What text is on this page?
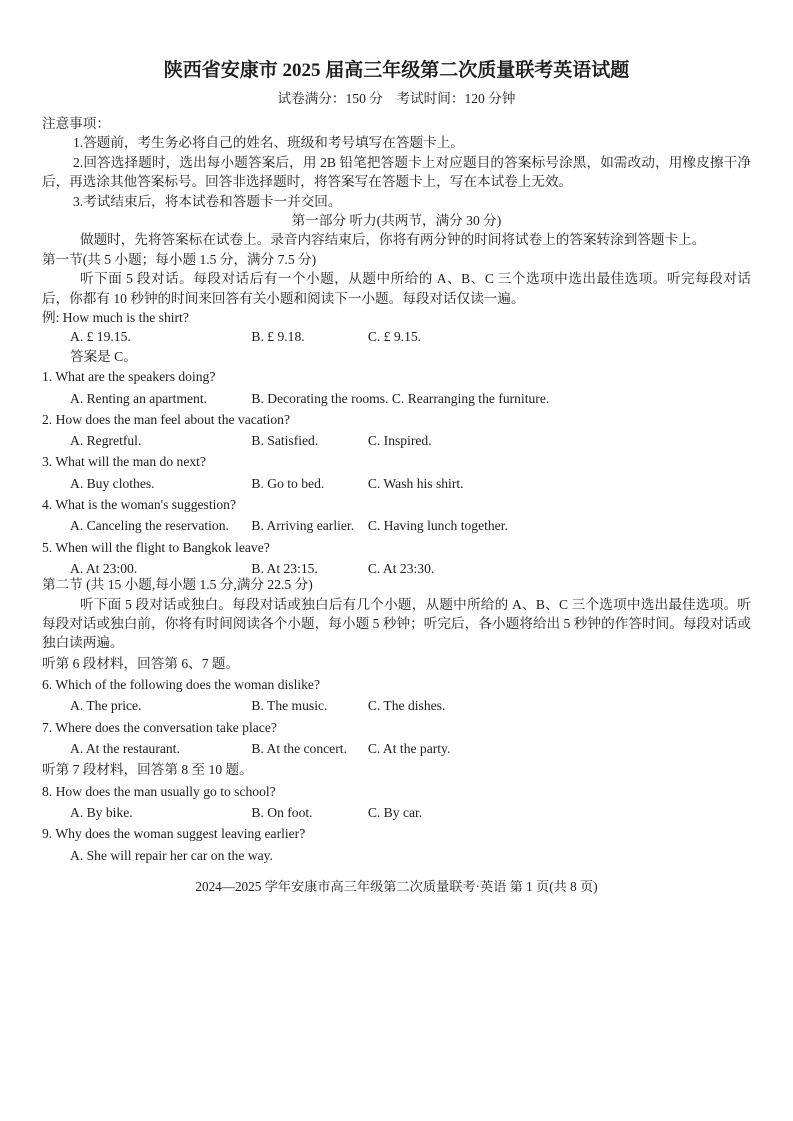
陕西省安康市 2025 届高三年级第二次质量联考英语试题
试卷满分：150 分　考试时间：120 分钟
注意事项：
1.答题前，考生务必将自己的姓名、班级和考号填写在答题卡上。
2.回答选择题时，选出每小题答案后，用 2B 铅笔把答题卡上对应题目的答案标号涂黑，如需改动，用橡皮擦干净后，再选涂其他答案标号。回答非选择题时，将答案写在答题卡上，写在本试卷上无效。
3.考试结束后，将本试卷和答题卡一并交回。
第一部分 听力(共两节，满分 30 分)
做题时，先将答案标在试卷上。录音内容结束后，你将有两分钟的时间将试卷上的答案转涂到答题卡上。
第一节(共 5 小题；每小题 1.5 分，满分 7.5 分)
听下面 5 段对话。每段对话后有一个小题，从题中所给的 A、B、C 三个选项中选出最佳选项。听完每段对话后，你都有 10 秒钟的时间来回答有关小题和阅读下一小题。每段对话仅读一遍。
例: How much is the shirt?
A. £ 19.15.	B. £ 9.18.	C. £ 9.15.
答案是 C。
1. What are the speakers doing?
A. Renting an apartment.	B. Decorating the rooms. C. Rearranging the furniture.
2. How does the man feel about the vacation?
A. Regretful.	B. Satisfied.	C. Inspired.
3. What will the man do next?
A. Buy clothes.	B. Go to bed.	C. Wash his shirt.
4. What is the woman's suggestion?
A. Canceling the reservation. B. Arriving earlier. C. Having lunch together.
5. When will the flight to Bangkok leave?
A. At 23:00.	B. At 23:15.	C. At 23:30.
第二节 (共 15 小题,每小题 1.5 分,满分 22.5 分)
听下面 5 段对话或独白。每段对话或独白后有几个小题，从题中所给的 A、B、C 三个选项中选出最佳选项。听每段对话或独白前，你将有时间阅读各个小题，每小题 5 秒钟；听完后，各小题将给出 5 秒钟的作答时间。每段对话或独白读两遍。
听第 6 段材料，回答第 6、7 题。
6. Which of the following does the woman dislike?
A. The price.	B. The music.	C. The dishes.
7. Where does the conversation take place?
A. At the restaurant.	B. At the concert. C. At the party.
听第 7 段材料，回答第 8 至 10 题。
8. How does the man usually go to school?
A. By bike.	B. On foot.	C. By car.
9. Why does the woman suggest leaving earlier?
A. She will repair her car on the way.
2024—2025 学年安康市高三年级第二次质量联考·英语 第 1 页(共 8 页)
